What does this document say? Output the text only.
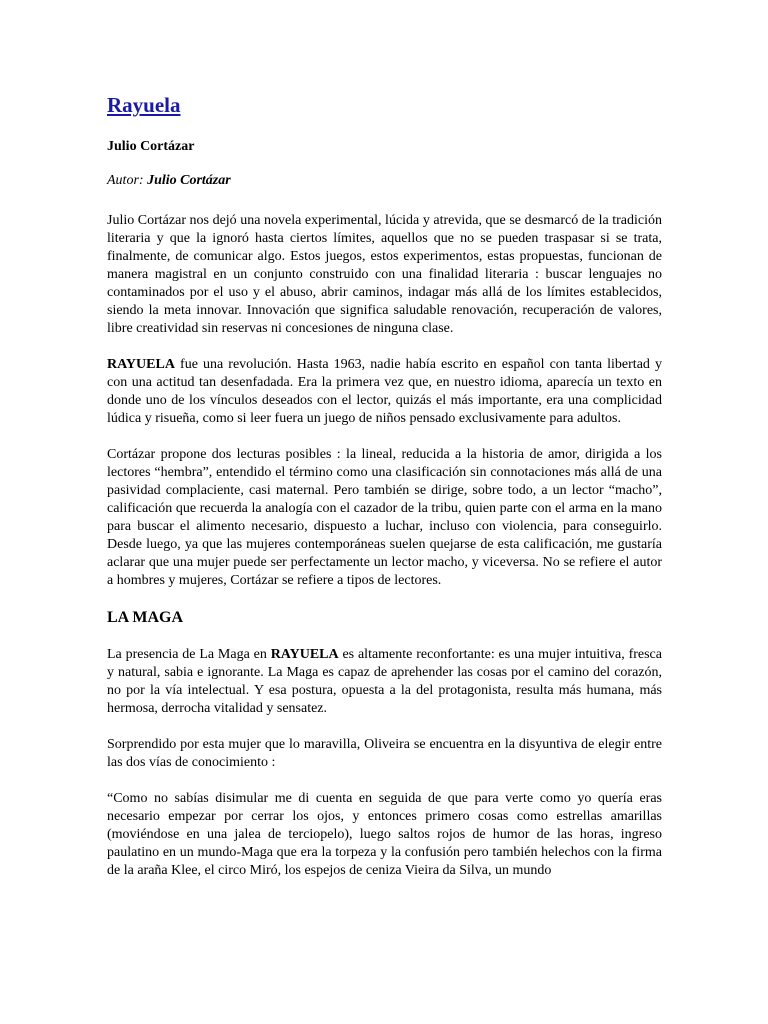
Rayuela
Julio Cortázar
Autor: Julio Cortázar

Julio Cortázar nos dejó una novela experimental, lúcida y atrevida, que se desmarcó de la tradición literaria y que la ignoró hasta ciertos límites, aquellos que no se pueden traspasar si se trata, finalmente, de comunicar algo. Estos juegos, estos experimentos, estas propuestas, funcionan de manera magistral en un conjunto construido con una finalidad literaria : buscar lenguajes no contaminados por el uso y el abuso, abrir caminos, indagar más allá de los límites establecidos, siendo la meta innovar. Innovación que significa saludable renovación, recuperación de valores, libre creatividad sin reservas ni concesiones de ninguna clase.

RAYUELA fue una revolución. Hasta 1963, nadie había escrito en español con tanta libertad y con una actitud tan desenfadada. Era la primera vez que, en nuestro idioma, aparecía un texto en donde uno de los vínculos deseados con el lector, quizás el más importante, era una complicidad lúdica y risueña, como si leer fuera un juego de niños pensado exclusivamente para adultos.

Cortázar propone dos lecturas posibles : la lineal, reducida a la historia de amor, dirigida a los lectores “hembra”, entendido el término como una clasificación sin connotaciones más allá de una pasividad complaciente, casi maternal. Pero también se dirige, sobre todo, a un lector “macho”, calificación que recuerda la analogía con el cazador de la tribu, quien parte con el arma en la mano para buscar el alimento necesario, dispuesto a luchar, incluso con violencia, para conseguirlo. Desde luego, ya que las mujeres contemporáneas suelen quejarse de esta calificación, me gustaría aclarar que una mujer puede ser perfectamente un lector macho, y viceversa. No se refiere el autor a hombres y mujeres, Cortázar se refiere a tipos de lectores.

LA MAGA

La presencia de La Maga en RAYUELA es altamente reconfortante: es una mujer intuitiva, fresca y natural, sabia e ignorante. La Maga es capaz de aprehender las cosas por el camino del corazón, no por la vía intelectual. Y esa postura, opuesta a la del protagonista, resulta más humana, más hermosa, derrocha vitalidad y sensatez.

Sorprendido por esta mujer que lo maravilla, Oliveira se encuentra en la disyuntiva de elegir entre las dos vías de conocimiento :

“Como no sabías disimular me di cuenta en seguida de que para verte como yo quería eras necesario empezar por cerrar los ojos, y entonces primero cosas como estrellas amarillas (moviéndose en una jalea de terciopelo), luego saltos rojos de humor de las horas, ingreso paulatino en un mundo-Maga que era la torpeza y la confusión pero también helechos con la firma de la araña Klee, el circo Miró, los espejos de ceniza Vieira da Silva, un mundo
